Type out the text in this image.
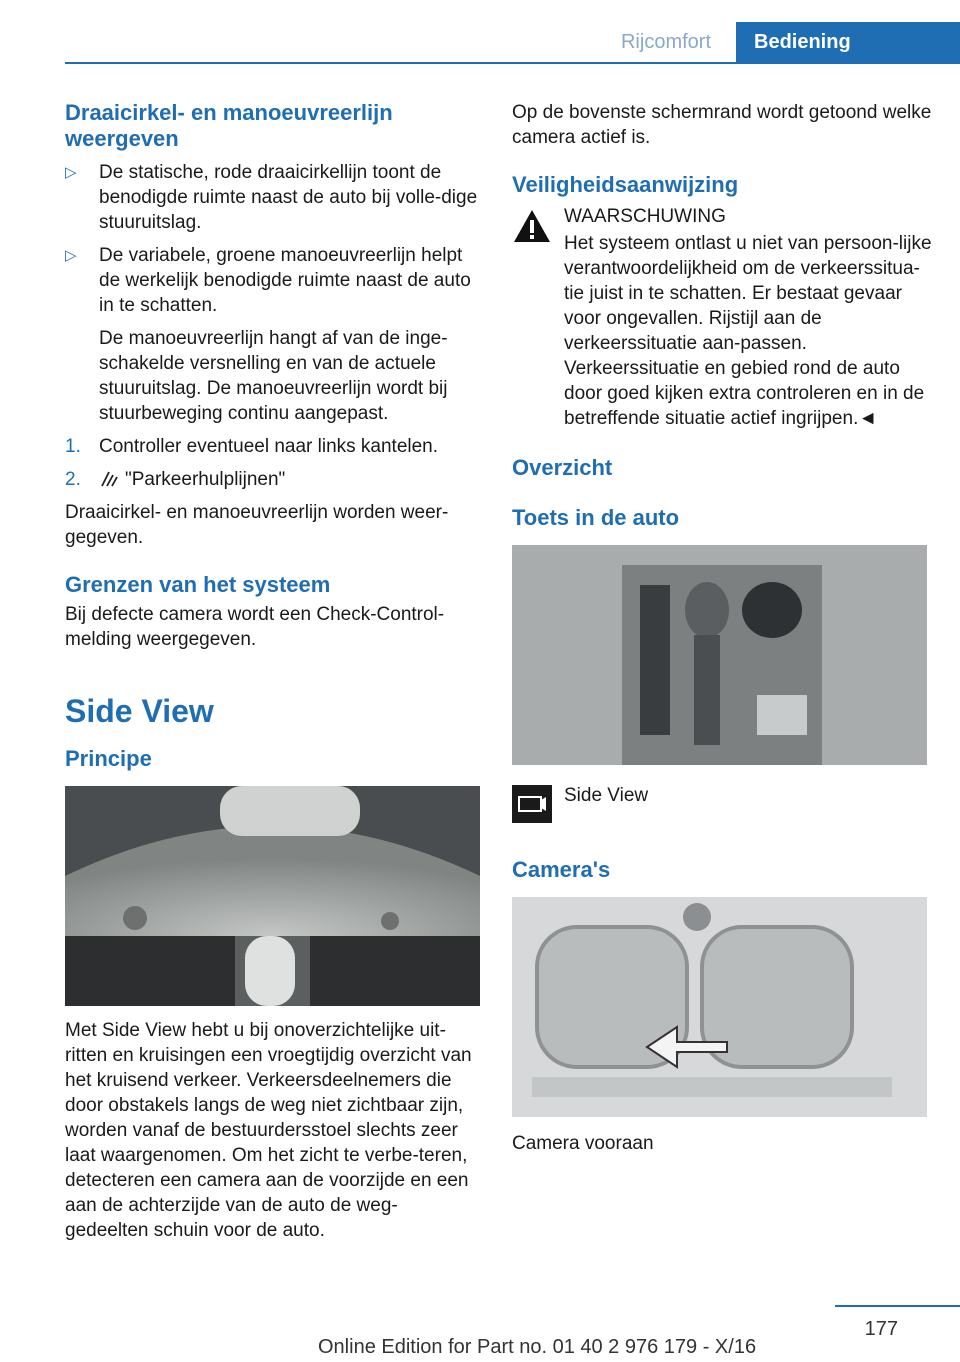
Rijcomfort	Bediening
Draaicirkel- en manoeuvreerlijn weergeven
▷ De statische, rode draaicirkellijn toont de benodigde ruimte naast de auto bij volle-dige stuuruitslag.
▷ De variabele, groene manoeuvreerlijn helpt de werkelijk benodigde ruimte naast de auto in te schatten.

De manoeuvreerlijn hangt af van de inge-schakelde versnelling en van de actuele stuuruitslag. De manoeuvreerlijn wordt bij stuurbeweging continu aangepast.

1. Controller eventueel naar links kantelen.
2. "Parkeerhulplijnen"

Draaicirkel- en manoeuvreerlijn worden weer-gegeven.

Grenzen van het systeem

Bij defecte camera wordt een Check-Control-melding weergegeven.

Side View
Principe

Met Side View hebt u bij onoverzichtelijke uit-ritten en kruisingen een vroegtijdig overzicht van het kruisend verkeer. Verkeersdeelnemers die door obstakels langs de weg niet zichtbaar zijn, worden vanaf de bestuurdersstoel slechts zeer laat waargenomen. Om het zicht te verbe-teren, detecteren een camera aan de voorzijde en een aan de achterzijde van de auto de weg-gedeelten schuin voor de auto.

Op de bovenste schermrand wordt getoond welke camera actief is.

Veiligheidsaanwijzing

WAARSCHUWING

Het systeem ontlast u niet van persoon-lijke verantwoordelijkheid om de verkeerssitua-tie juist in te schatten. Er bestaat gevaar voor ongevallen. Rijstijl aan de verkeerssituatie aan-passen. Verkeerssituatie en gebied rond de auto door goed kijken extra controleren en in de betreffende situatie actief ingrijpen.◄

Overzicht
Toets in de auto

Side View

Camera's

Camera vooraan

177
Online Edition for Part no. 01 40 2 976 179 - X/16
